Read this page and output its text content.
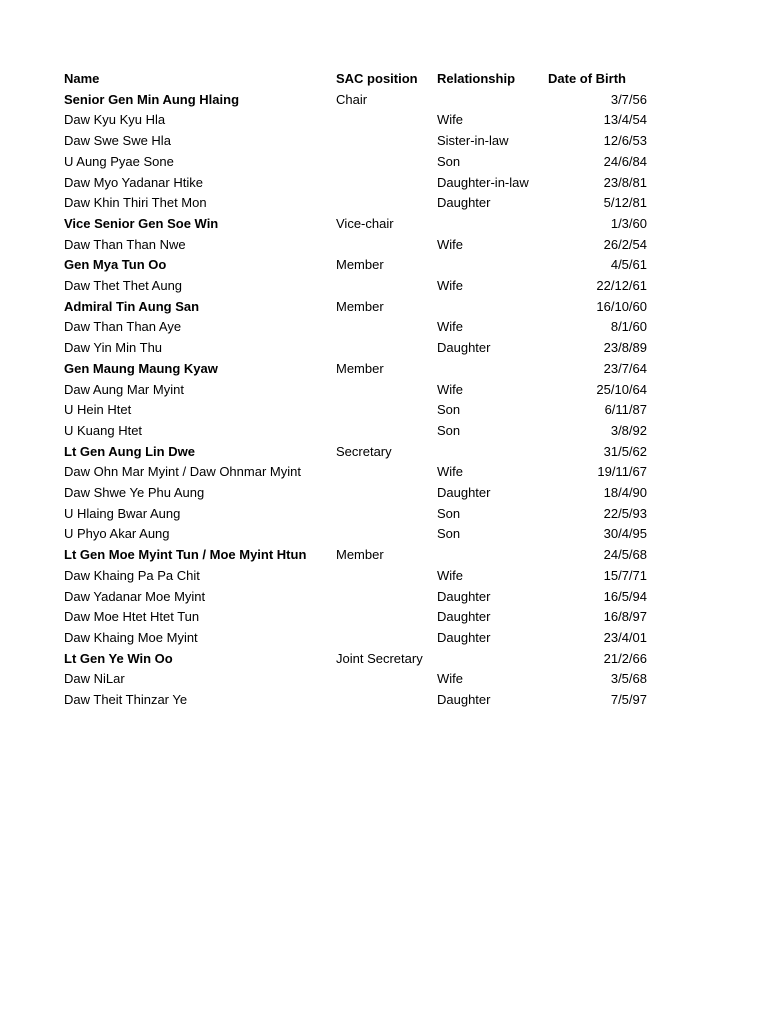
Name	SAC position	Relationship	Date of Birth
Senior Gen Min Aung Hlaing	Chair		3/7/56
Daw Kyu Kyu Hla		Wife	13/4/54
Daw Swe Swe Hla		Sister-in-law	12/6/53
U Aung Pyae Sone		Son	24/6/84
Daw Myo Yadanar Htike		Daughter-in-law	23/8/81
Daw Khin Thiri Thet Mon		Daughter	5/12/81
Vice Senior Gen Soe Win	Vice-chair		1/3/60
Daw Than Than Nwe		Wife	26/2/54
Gen Mya Tun Oo	Member		4/5/61
Daw Thet Thet Aung		Wife	22/12/61
Admiral Tin Aung San	Member		16/10/60
Daw Than Than Aye		Wife	8/1/60
Daw Yin Min Thu		Daughter	23/8/89
Gen Maung Maung Kyaw	Member		23/7/64
Daw Aung Mar Myint		Wife	25/10/64
U Hein Htet		Son	6/11/87
U Kuang Htet		Son	3/8/92
Lt Gen Aung Lin Dwe	Secretary		31/5/62
Daw Ohn Mar Myint / Daw Ohnmar Myint		Wife	19/11/67
Daw Shwe Ye Phu Aung		Daughter	18/4/90
U Hlaing Bwar Aung		Son	22/5/93
U Phyo Akar Aung		Son	30/4/95
Lt Gen Moe Myint Tun / Moe Myint Htun	Member		24/5/68
Daw Khaing Pa Pa Chit		Wife	15/7/71
Daw Yadanar Moe Myint		Daughter	16/5/94
Daw Moe Htet Htet Tun		Daughter	16/8/97
Daw Khaing Moe Myint		Daughter	23/4/01
Lt Gen Ye Win Oo	Joint Secretary		21/2/66
Daw NiLar		Wife	3/5/68
Daw Theit Thinzar Ye		Daughter	7/5/97
